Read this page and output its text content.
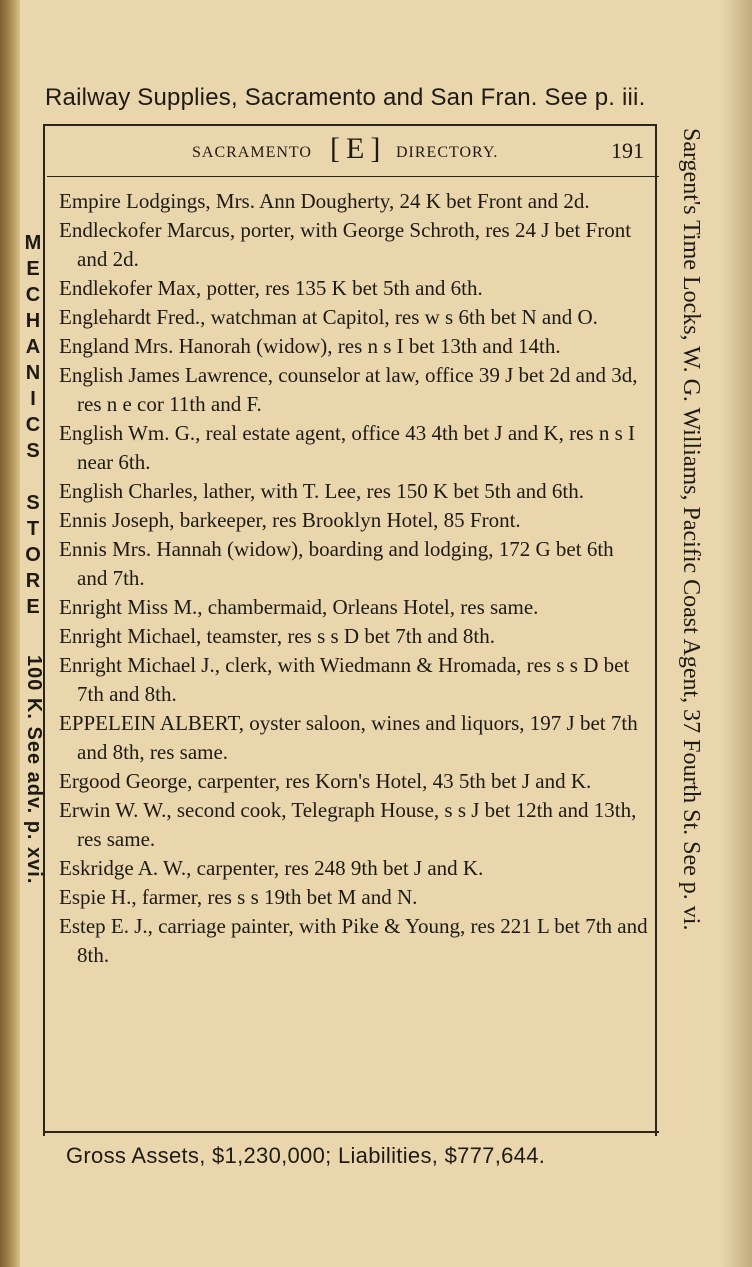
Railway Supplies, Sacramento and San Fran. See p. iii.
SACRAMENTO [ E ] DIRECTORY.	191

Empire Lodgings, Mrs. Ann Dougherty, 24 K bet Front and 2d.

Endleckofer Marcus, porter, with George Schroth, res 24 J bet Front and 2d.

Endlekofer Max, potter, res 135 K bet 5th and 6th.

Englehardt Fred., watchman at Capitol, res w s 6th bet N and O.

England Mrs. Hanorah (widow), res n s I bet 13th and 14th.

English James Lawrence, counselor at law, office 39 J bet 2d and 3d, res n e cor 11th and F.

English Wm. G., real estate agent, office 43 4th bet J and K, res n s I near 6th.

English Charles, lather, with T. Lee, res 150 K bet 5th and 6th.

Ennis Joseph, barkeeper, res Brooklyn Hotel, 85 Front.

Ennis Mrs. Hannah (widow), boarding and lodging, 172 G bet 6th and 7th.

Enright Miss M., chambermaid, Orleans Hotel, res same.

Enright Michael, teamster, res s s D bet 7th and 8th.

Enright Michael J., clerk, with Wiedmann & Hromada, res s s D bet 7th and 8th.

EPPELEIN ALBERT, oyster saloon, wines and liquors, 197 J bet 7th and 8th, res same.

Ergood George, carpenter, res Korn's Hotel, 43 5th bet J and K.

Erwin W. W., second cook, Telegraph House, s s J bet 12th and 13th, res same.

Eskridge A. W., carpenter, res 248 9th bet J and K.

Espie H., farmer, res s s 19th bet M and N.

Estep E. J., carriage painter, with Pike & Young, res 221 L bet 7th and 8th.

Gross Assets, $1,230,000; Liabilities, $777,644.
Sargent's Time Locks, W. G. Williams, Pacific Coast Agent, 37 Fourth St. See p. vi.
M
E
C
H
A
N
I
C
S

S
T
O
R
E
100 K. See adv. p. xvi.
